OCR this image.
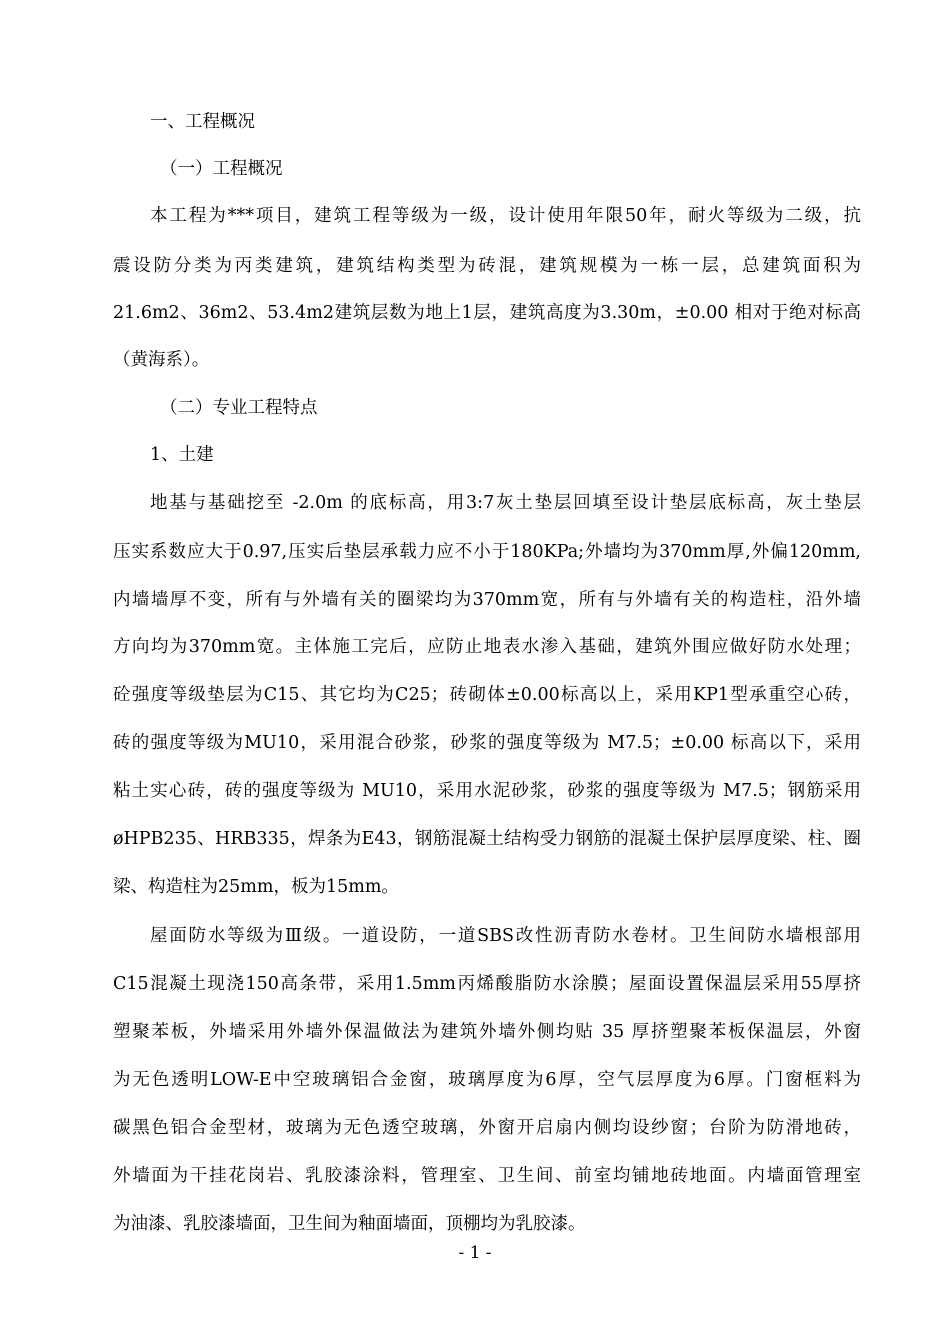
一、工程概况
（一）工程概况
本工程为***项目，建筑工程等级为一级，设计使用年限50年，耐火等级为二级，抗
震设防分类为丙类建筑，建筑结构类型为砖混，建筑规模为一栋一层，总建筑面积为
21.6m2、36m2、53.4m2建筑层数为地上1层，建筑高度为3.30m，±0.00 相对于绝对标高
（黄海系）。
（二）专业工程特点
1、土建
地基与基础挖至 -2.0m 的底标高，用3:7灰土垫层回填至设计垫层底标高，灰土垫层
压实系数应大于0.97,压实后垫层承载力应不小于180KPa;外墙均为370mm厚,外偏120mm,
内墙墙厚不变，所有与外墙有关的圈梁均为370mm宽，所有与外墙有关的构造柱，沿外墙
方向均为370mm宽。主体施工完后，应防止地表水渗入基础，建筑外围应做好防水处理；
砼强度等级垫层为C15、其它均为C25；砖砌体±0.00标高以上，采用KP1型承重空心砖，
砖的强度等级为MU10，采用混合砂浆，砂浆的强度等级为 M7.5；±0.00 标高以下，采用
粘土实心砖，砖的强度等级为 MU10，采用水泥砂浆，砂浆的强度等级为 M7.5；钢筋采用
øHPB235、HRB335，焊条为E43，钢筋混凝土结构受力钢筋的混凝土保护层厚度梁、柱、圈
梁、构造柱为25mm，板为15mm。
屋面防水等级为Ⅲ级。一道设防，一道SBS改性沥青防水卷材。卫生间防水墙根部用
C15混凝土现浇150高条带，采用1.5mm丙烯酸脂防水涂膜；屋面设置保温层采用55厚挤
塑聚苯板，外墙采用外墙外保温做法为建筑外墙外侧均贴 35 厚挤塑聚苯板保温层，外窗
为无色透明LOW-E中空玻璃铝合金窗，玻璃厚度为6厚，空气层厚度为6厚。门窗框料为
碳黑色铝合金型材，玻璃为无色透空玻璃，外窗开启扇内侧均设纱窗；台阶为防滑地砖，
外墙面为干挂花岗岩、乳胶漆涂料，管理室、卫生间、前室均铺地砖地面。内墙面管理室
为油漆、乳胶漆墙面，卫生间为釉面墙面，顶棚均为乳胶漆。
- 1 -
